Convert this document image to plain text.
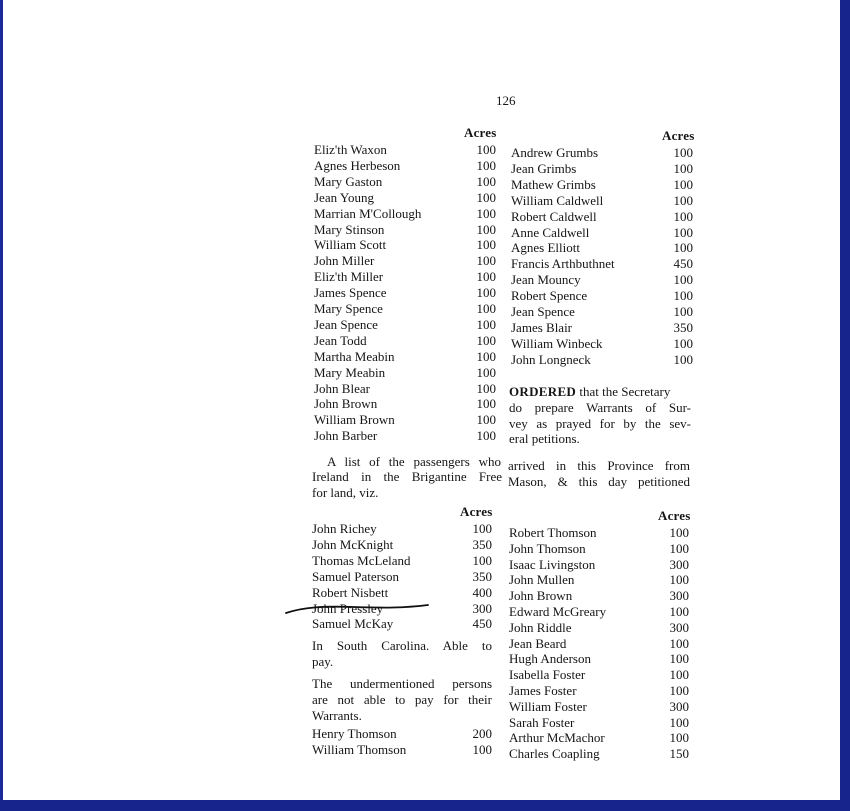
126
Acres	Acres
Acres	Acres
Eliz'th Waxon	100
Agnes Herbeson	100
Mary Gaston	100
Jean Young	100
Marrian M'Collough	100
Mary Stinson	100
William Scott	100
John Miller	100
Eliz'th Miller	100
James Spence	100
Mary Spence	100
Jean Spence	100
Jean Todd	100
Martha Meabin	100
Mary Meabin	100
John Blear	100
John Brown	100
William Brown	100
John Barber	100
Andrew Grumbs	100
Jean Grimbs	100
Mathew Grimbs	100
William Caldwell	100
Robert Caldwell	100
Anne Caldwell	100
Agnes Elliott	100
Francis Arthbuthnet	450
Jean Mouncy	100
Robert Spence	100
Jean Spence	100
James Blair	350
William Winbeck	100
John Longneck	100
ORDERED that the Secretary
do prepare Warrants of Sur-
vey as prayed for by the sev-
eral petitions.
A list of the passengers who arrived in this Province from
Ireland in the Brigantine Free Mason, & this day petitioned
for land, viz.
John Richey	100
John McKnight	350
Thomas McLeland	100
Samuel Paterson	350
Robert Nisbett	400
John Pressley	300
Samuel McKay	450
Robert Thomson	100
John Thomson	100
Isaac Livingston	300
John Mullen	100
John Brown	300
Edward McGreary	100
John Riddle	300
Jean Beard	100
Hugh Anderson	100
Isabella Foster	100
James Foster	100
William Foster	300
Sarah Foster	100
Arthur McMachor	100
Charles Coapling	150
In South Carolina. Able to
pay.
The undermentioned persons
are not able to pay for their
Warrants.
Henry Thomson	200
William Thomson	100
